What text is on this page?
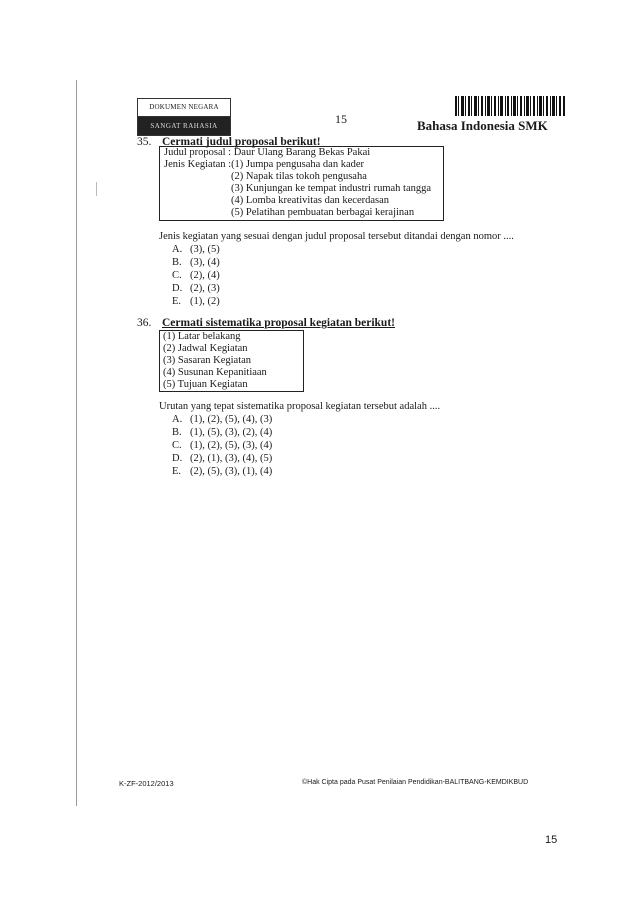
DOKUMEN NEGARA
SANGAT RAHASIA	15	Bahasa Indonesia SMK
35. Cermati judul proposal berikut!
Judul proposal : Daur Ulang Barang Bekas Pakai
Jenis Kegiatan :(1) Jumpa pengusaha dan kader
(2) Napak tilas tokoh pengusaha
(3) Kunjungan ke tempat industri rumah tangga
(4) Lomba kreativitas dan kecerdasan
(5) Pelatihan pembuatan berbagai kerajinan
Jenis kegiatan yang sesuai dengan judul proposal tersebut ditandai dengan nomor ....
A. (3), (5)
B. (3), (4)
C. (2), (4)
D. (2), (3)
E. (1), (2)
36. Cermati sistematika proposal kegiatan berikut!
(1) Latar belakang
(2) Jadwal Kegiatan
(3) Sasaran Kegiatan
(4) Susunan Kepanitiaan
(5) Tujuan Kegiatan
Urutan yang tepat sistematika proposal kegiatan tersebut adalah ....
A. (1), (2), (5), (4), (3)
B. (1), (5), (3), (2), (4)
C. (1), (2), (5), (3), (4)
D. (2), (1), (3), (4), (5)
E. (2), (5), (3), (1), (4)
K-ZF-2012/2013	©Hak Cipta pada Pusat Penilaian Pendidikan-BALITBANG-KEMDIKBUD
15
